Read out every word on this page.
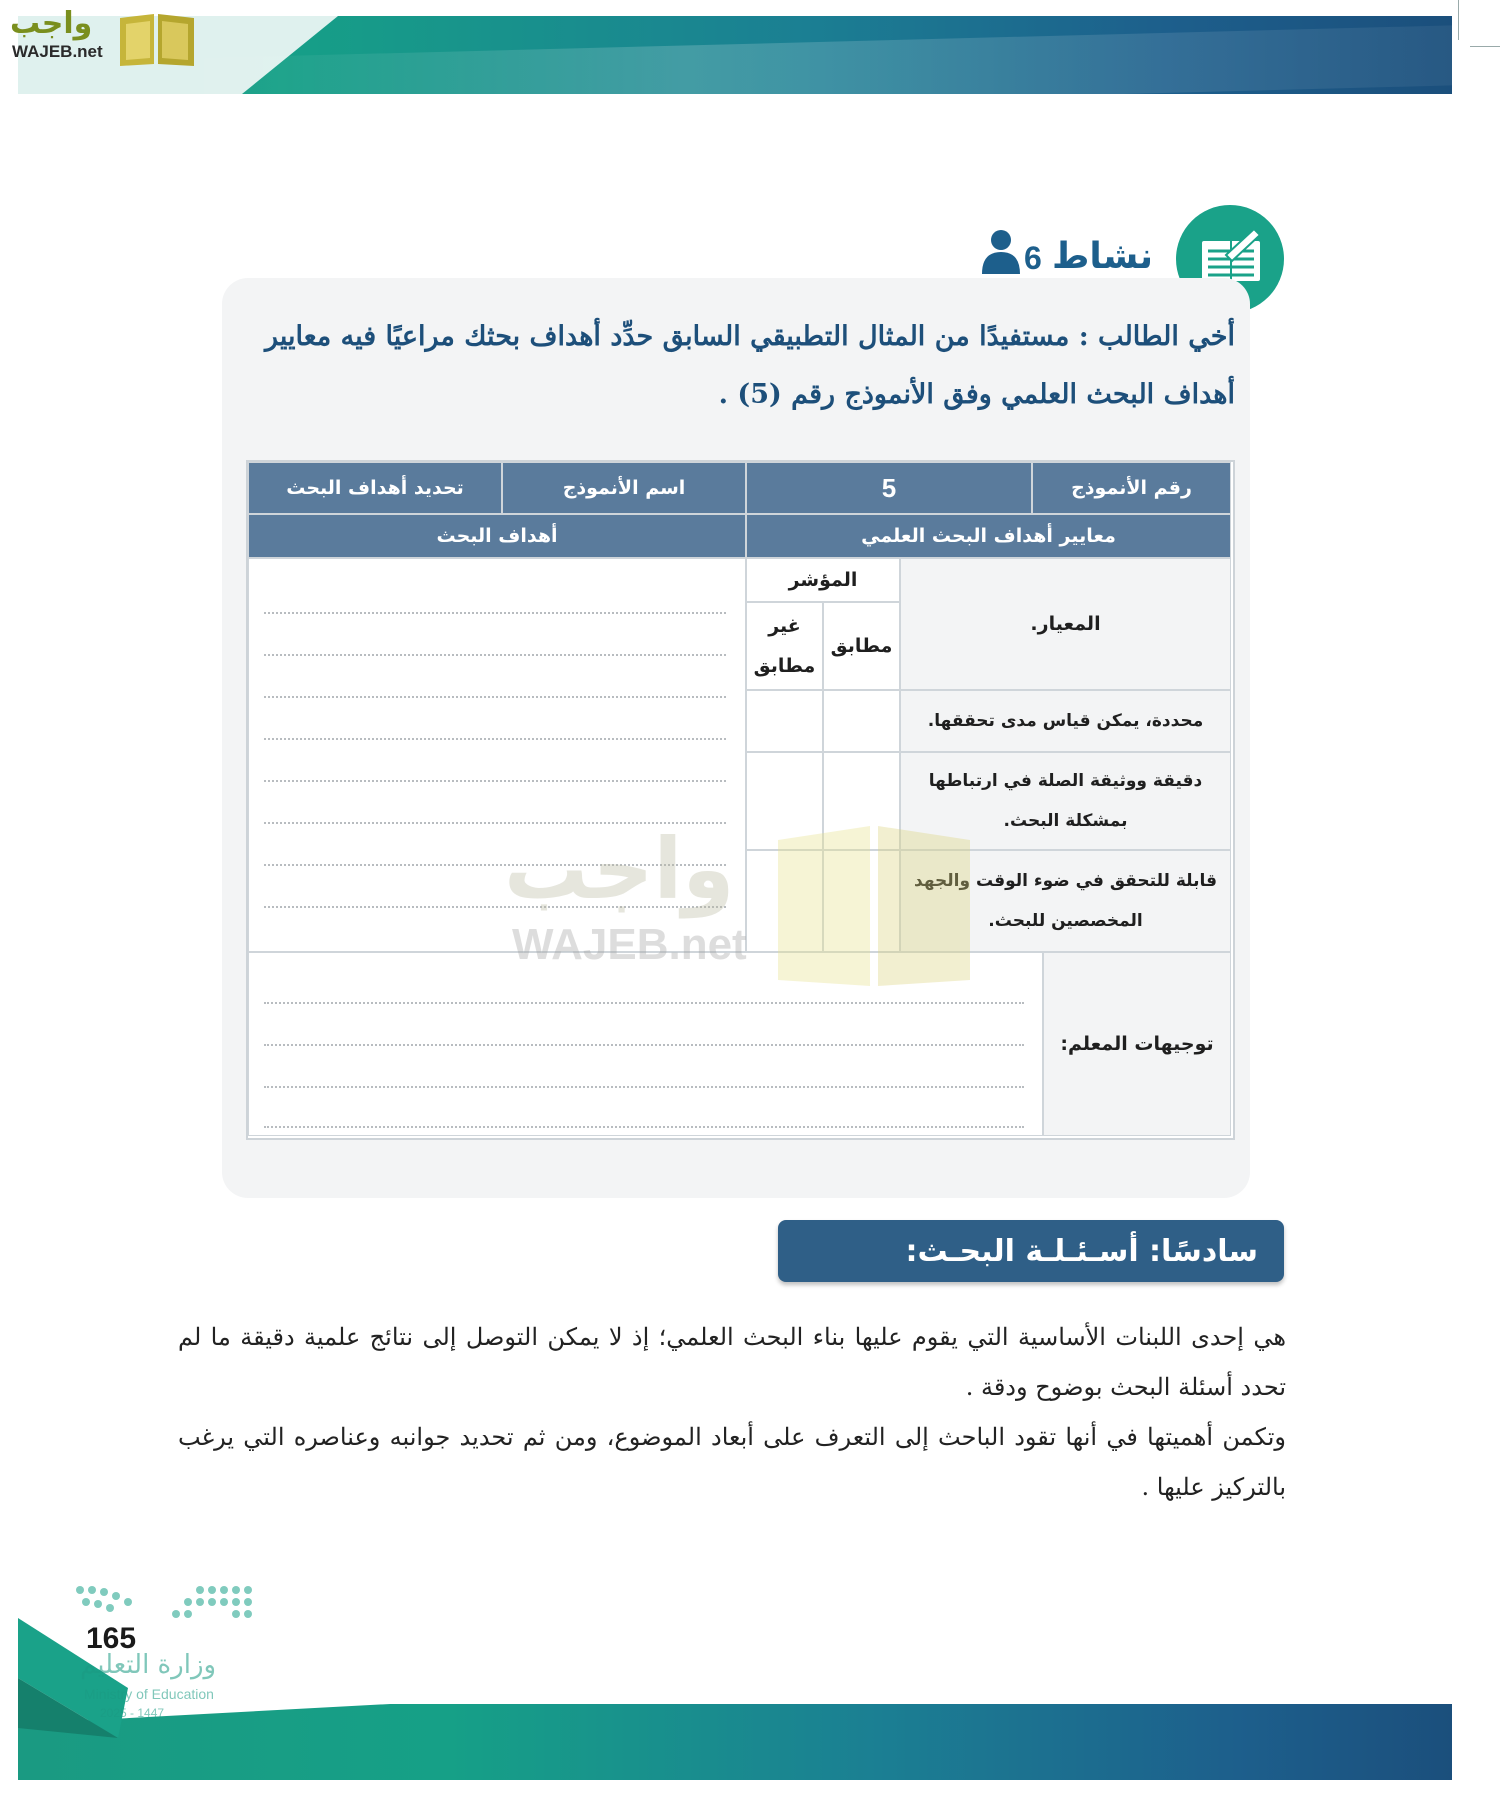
واجب
WAJEB.net
نشاط
6
أخي الطالب : مستفيدًا من المثال التطبيقي السابق حدِّد أهداف بحثك مراعيًا فيه معايير أهداف البحث العلمي وفق الأنموذج رقم (5) .
رقم الأنموذج
5
اسم الأنموذج
تحديد أهداف البحث
معايير أهداف البحث العلمي
أهداف البحث
المعيار.
المؤشر
مطابق
غير مطابق
محددة، يمكن قياس مدى تحققها.
دقيقة ووثيقة الصلة في ارتباطها بمشكلة البحث.
قابلة للتحقق في ضوء الوقت والجهد المخصصين للبحث.
توجيهات المعلم:
واجب
WAJEB.net
سادسًا: أسـئـلـة البحـث:
هي إحدى اللبنات الأساسية التي يقوم عليها بناء البحث العلمي؛ إذ لا يمكن التوصل إلى نتائج علمية دقيقة ما لم تحدد أسئلة البحث بوضوح ودقة .
وتكمن أهميتها في أنها تقود الباحث إلى التعرف على أبعاد الموضوع، ومن ثم تحديد جوانبه وعناصره التي يرغب بالتركيز عليها .
وزارة التعليم
Ministry of Education
2025 - 1447
165
